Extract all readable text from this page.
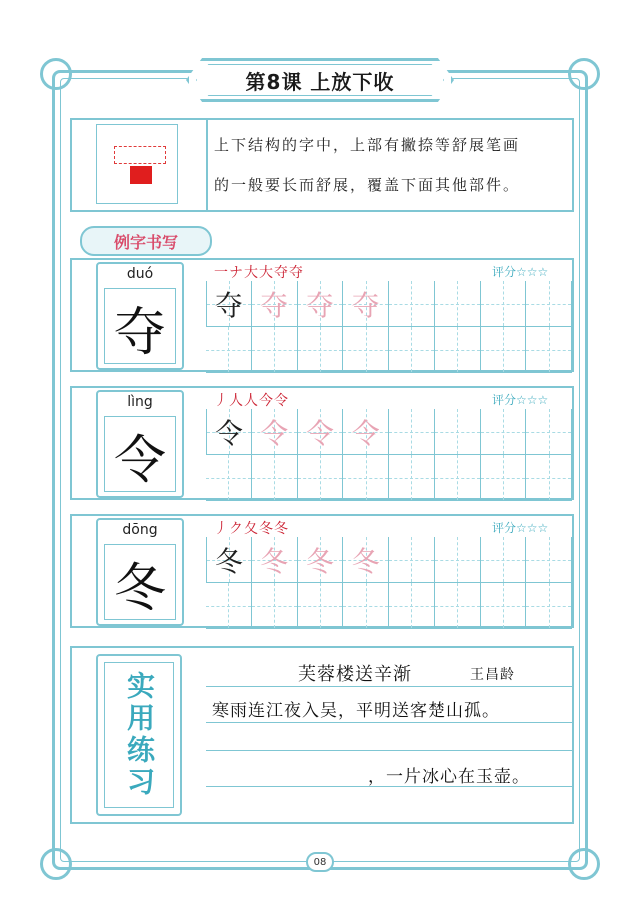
第8课 上放下收
上下结构的字中，上部有撇捺等舒展笔画
的一般要长而舒展，覆盖下面其他部件。
例字书写
duó
夺
一ナ大大夺夺	评分☆☆☆
夺 夺 夺 夺
lìng
令
丿人人今令	评分☆☆☆
令 令 令 令
dōng
冬
丿ク夂冬冬	评分☆☆☆
冬 冬 冬 冬
实用练习	芙蓉楼送辛渐	王昌龄
寒雨连江夜入吴，平明送客楚山孤。
，一片冰心在玉壶。
08
